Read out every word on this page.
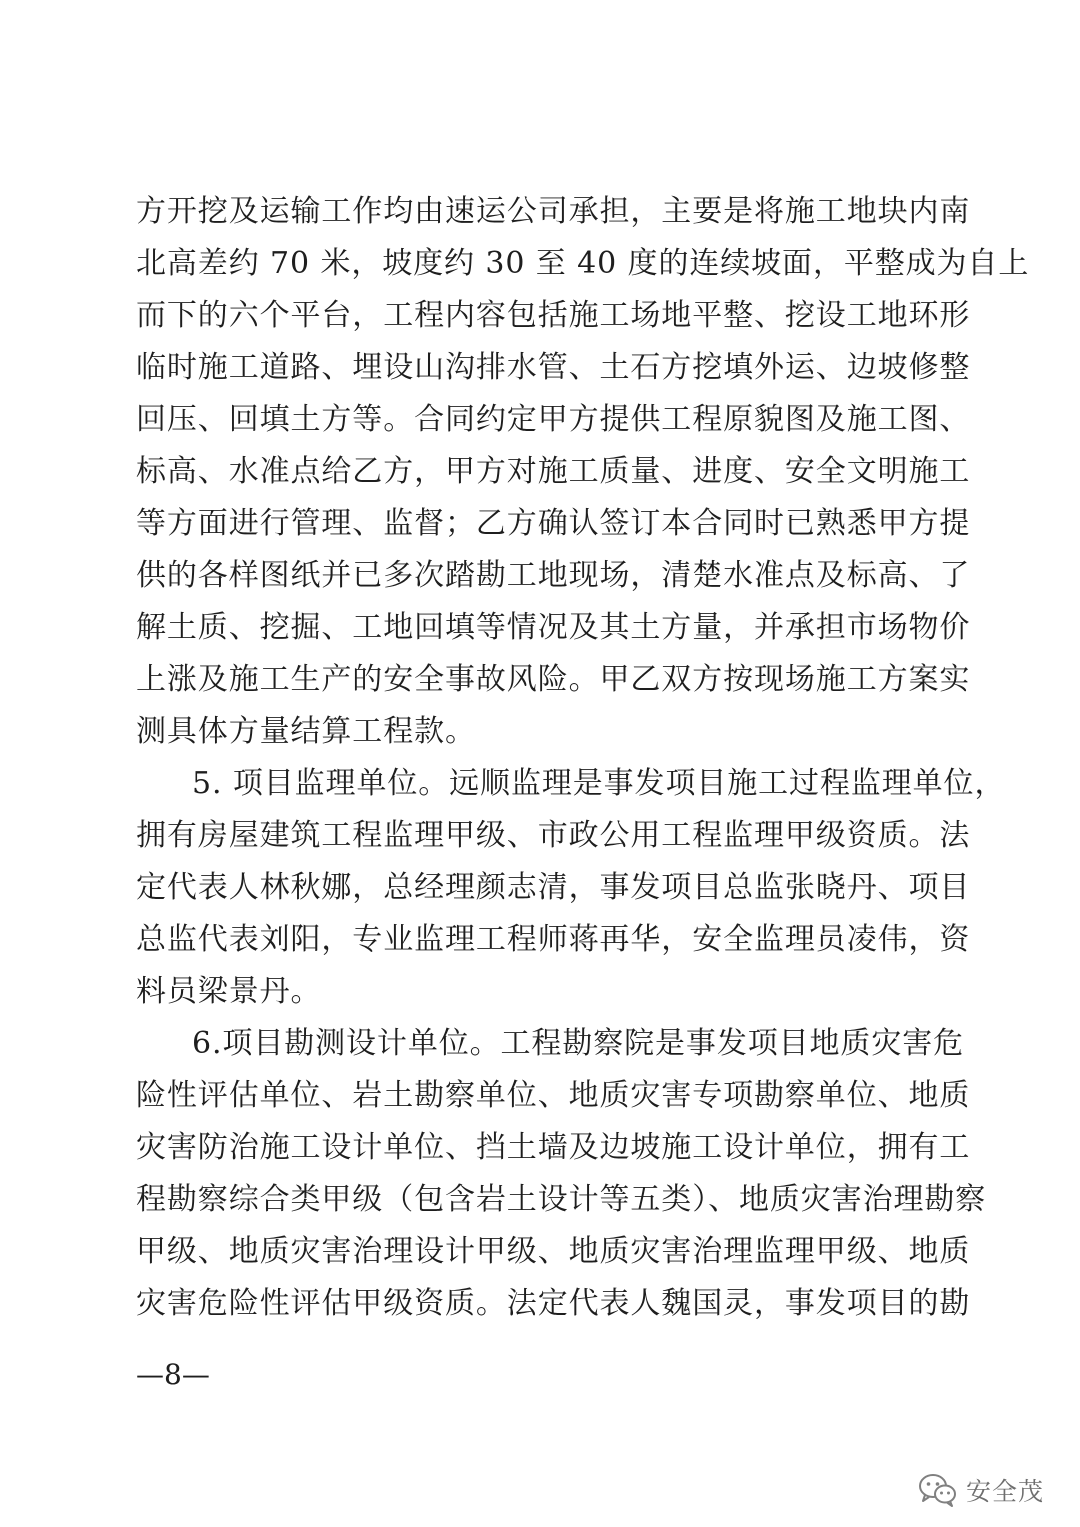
方开挖及运输工作均由速运公司承担，主要是将施工地块内南
北高差约 70 米，坡度约 30 至 40 度的连续坡面，平整成为自上
而下的六个平台，工程内容包括施工场地平整、挖设工地环形
临时施工道路、埋设山沟排水管、土石方挖填外运、边坡修整
回压、回填土方等。合同约定甲方提供工程原貌图及施工图、
标高、水准点给乙方，甲方对施工质量、进度、安全文明施工
等方面进行管理、监督；乙方确认签订本合同时已熟悉甲方提
供的各样图纸并已多次踏勘工地现场，清楚水准点及标高、了
解土质、挖掘、工地回填等情况及其土方量，并承担市场物价
上涨及施工生产的安全事故风险。甲乙双方按现场施工方案实
测具体方量结算工程款。
5. 项目监理单位。远顺监理是事发项目施工过程监理单位，
拥有房屋建筑工程监理甲级、市政公用工程监理甲级资质。法
定代表人林秋娜，总经理颜志清，事发项目总监张晓丹、项目
总监代表刘阳，专业监理工程师蒋再华，安全监理员凌伟，资
料员梁景丹。
6.项目勘测设计单位。工程勘察院是事发项目地质灾害危
险性评估单位、岩土勘察单位、地质灾害专项勘察单位、地质
灾害防治施工设计单位、挡土墙及边坡施工设计单位，拥有工
程勘察综合类甲级（包含岩土设计等五类）、地质灾害治理勘察
甲级、地质灾害治理设计甲级、地质灾害治理监理甲级、地质
灾害危险性评估甲级资质。法定代表人魏国灵，事发项目的勘
—8—
安全茂
